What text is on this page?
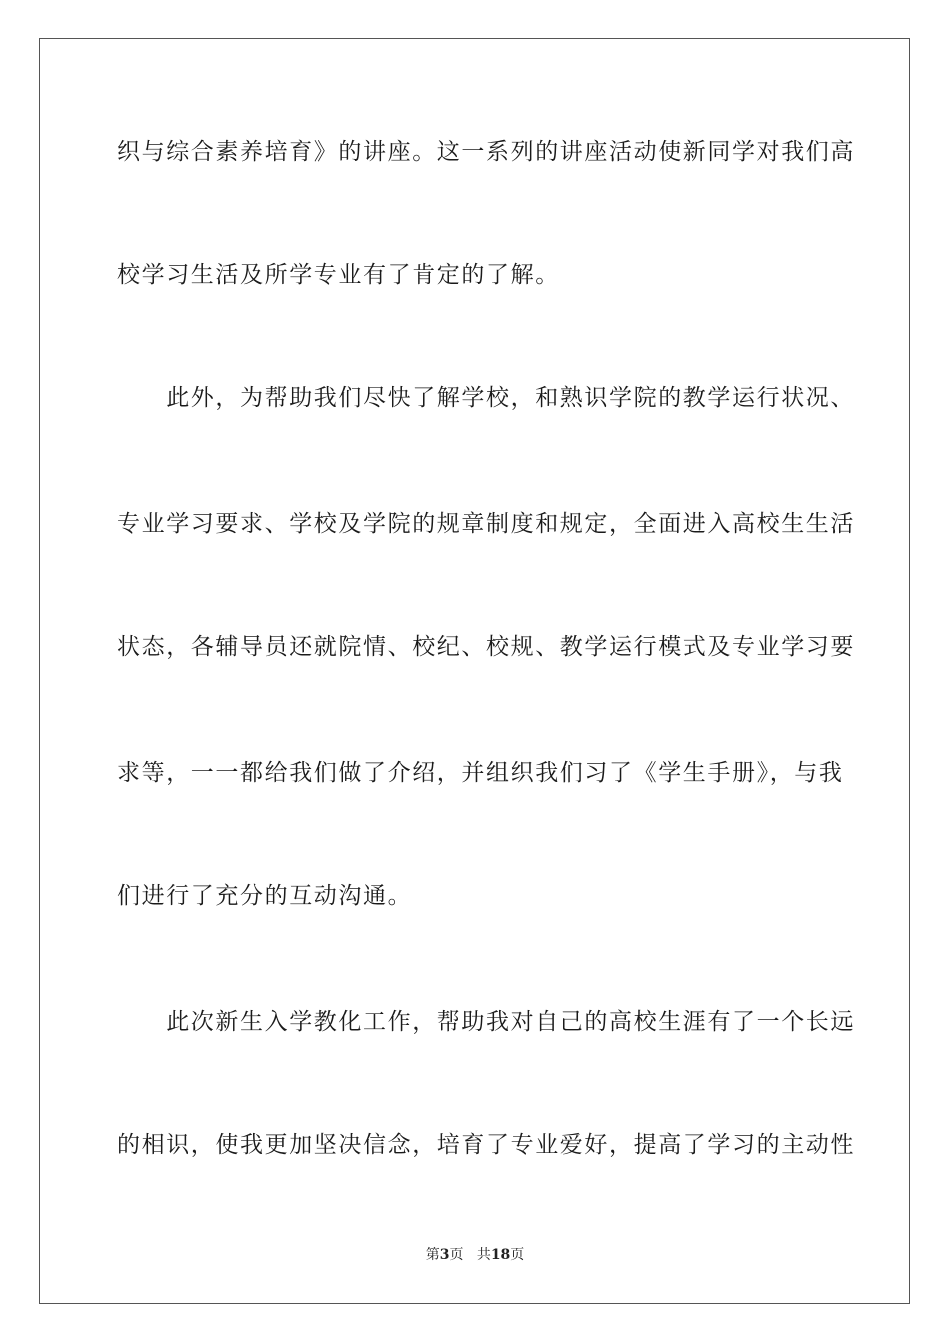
织与综合素养培育》的讲座。这一系列的讲座活动使新同学对我们高
校学习生活及所学专业有了肯定的了解。
　　此外，为帮助我们尽快了解学校，和熟识学院的教学运行状况、
专业学习要求、学校及学院的规章制度和规定，全面进入高校生生活
状态，各辅导员还就院情、校纪、校规、教学运行模式及专业学习要
求等，一一都给我们做了介绍，并组织我们习了《学生手册》，与我
们进行了充分的互动沟通。
　　此次新生入学教化工作，帮助我对自己的高校生涯有了一个长远
的相识，使我更加坚决信念，培育了专业爱好，提高了学习的主动性
第3页 共18页
